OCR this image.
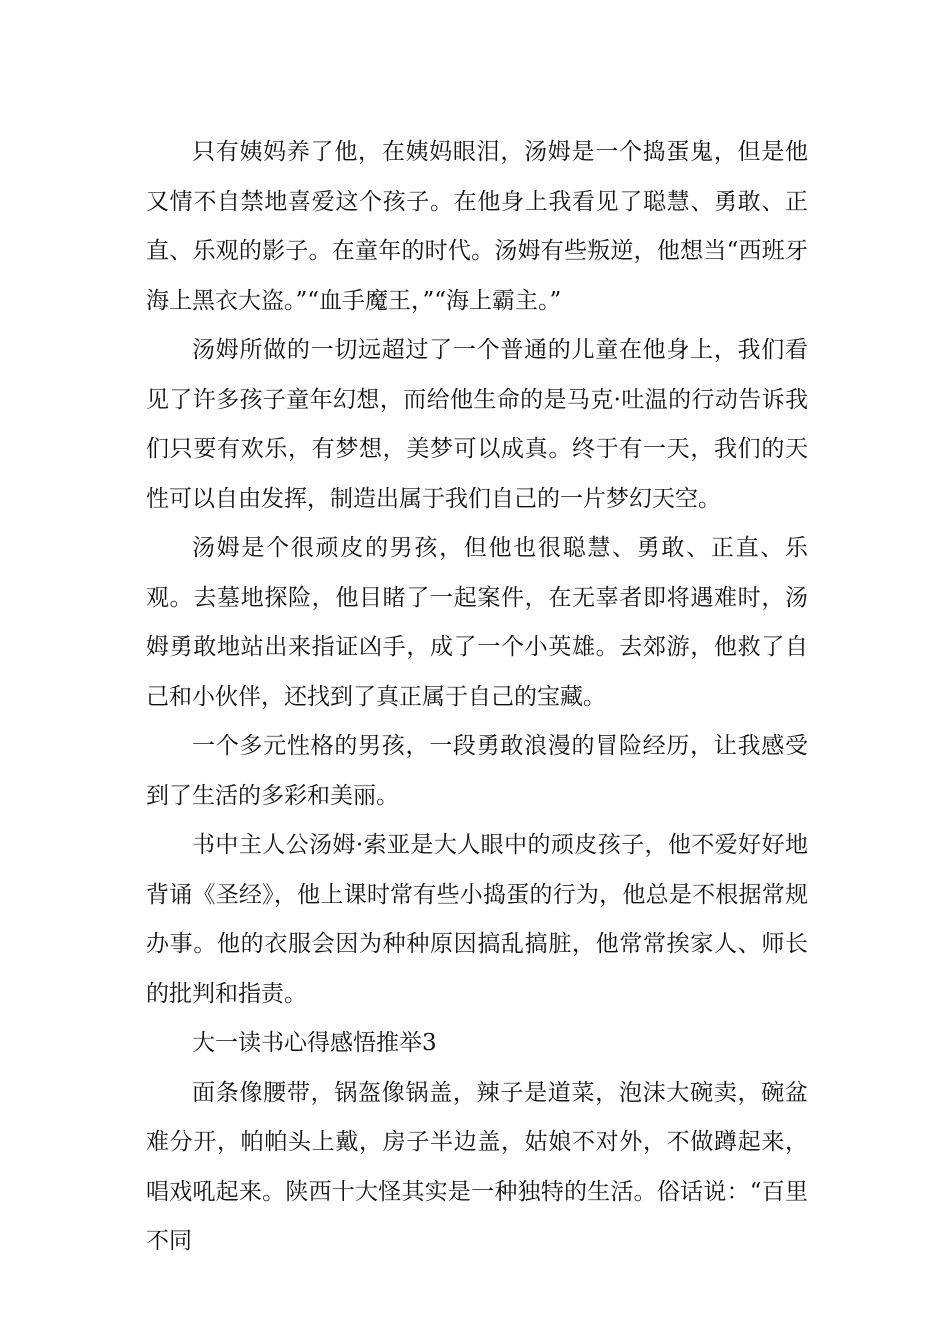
只有姨妈养了他，在姨妈眼泪，汤姆是一个捣蛋鬼，但是他又情不自禁地喜爱这个孩子。在他身上我看见了聪慧、勇敢、正直、乐观的影子。在童年的时代。汤姆有些叛逆，他想当“西班牙海上黑衣大盗。”“血手魔王，”“海上霸主。”

汤姆所做的一切远超过了一个普通的儿童在他身上，我们看见了许多孩子童年幻想，而给他生命的是马克·吐温的行动告诉我们只要有欢乐，有梦想，美梦可以成真。终于有一天，我们的天性可以自由发挥，制造出属于我们自己的一片梦幻天空。

汤姆是个很顽皮的男孩，但他也很聪慧、勇敢、正直、乐观。去墓地探险，他目睹了一起案件，在无辜者即将遇难时，汤姆勇敢地站出来指证凶手，成了一个小英雄。去郊游，他救了自己和小伙伴，还找到了真正属于自己的宝藏。

一个多元性格的男孩，一段勇敢浪漫的冒险经历，让我感受到了生活的多彩和美丽。

书中主人公汤姆·索亚是大人眼中的顽皮孩子，他不爱好好地背诵《圣经》，他上课时常有些小捣蛋的行为，他总是不根据常规办事。他的衣服会因为种种原因搞乱搞脏，他常常挨家人、师长的批判和指责。

大一读书心得感悟推举3

面条像腰带，锅盔像锅盖，辣子是道菜，泡沫大碗卖，碗盆难分开，帕帕头上戴，房子半边盖，姑娘不对外，不做蹲起来，唱戏吼起来。陕西十大怪其实是一种独特的生活。俗话说：“百里不同
